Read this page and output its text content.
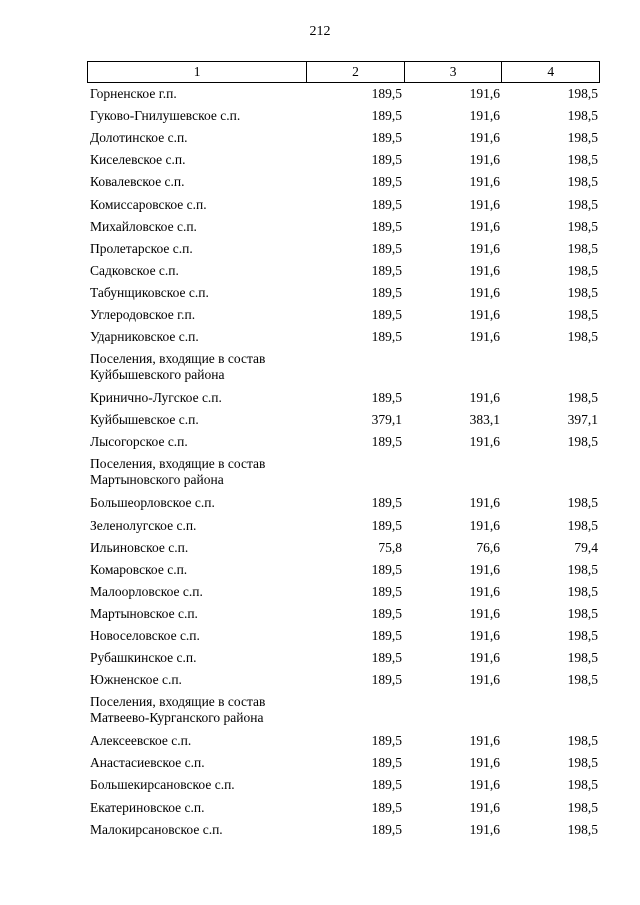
212
1	2	3	4
Горненское г.п.	189,5	191,6	198,5
Гуково-Гнилушевское с.п.	189,5	191,6	198,5
Долотинское с.п.	189,5	191,6	198,5
Киселевское с.п.	189,5	191,6	198,5
Ковалевское с.п.	189,5	191,6	198,5
Комиссаровское с.п.	189,5	191,6	198,5
Михайловское с.п.	189,5	191,6	198,5
Пролетарское с.п.	189,5	191,6	198,5
Садковское с.п.	189,5	191,6	198,5
Табунщиковское с.п.	189,5	191,6	198,5
Углеродовское г.п.	189,5	191,6	198,5
Ударниковское с.п.	189,5	191,6	198,5
Поселения, входящие в состав Куйбышевского района
Кринично-Лугское с.п.	189,5	191,6	198,5
Куйбышевское с.п.	379,1	383,1	397,1
Лысогорское с.п.	189,5	191,6	198,5
Поселения, входящие в состав Мартыновского района
Большеорловское с.п.	189,5	191,6	198,5
Зеленолугское с.п.	189,5	191,6	198,5
Ильиновское с.п.	75,8	76,6	79,4
Комаровское с.п.	189,5	191,6	198,5
Малоорловское с.п.	189,5	191,6	198,5
Мартыновское с.п.	189,5	191,6	198,5
Новоселовское с.п.	189,5	191,6	198,5
Рубашкинское с.п.	189,5	191,6	198,5
Южненское с.п.	189,5	191,6	198,5
Поселения, входящие в состав Матвеево-Курганского района
Алексеевское с.п.	189,5	191,6	198,5
Анастасиевское с.п.	189,5	191,6	198,5
Большекирсановское с.п.	189,5	191,6	198,5
Екатериновское с.п.	189,5	191,6	198,5
Малокирсановское с.п.	189,5	191,6	198,5
